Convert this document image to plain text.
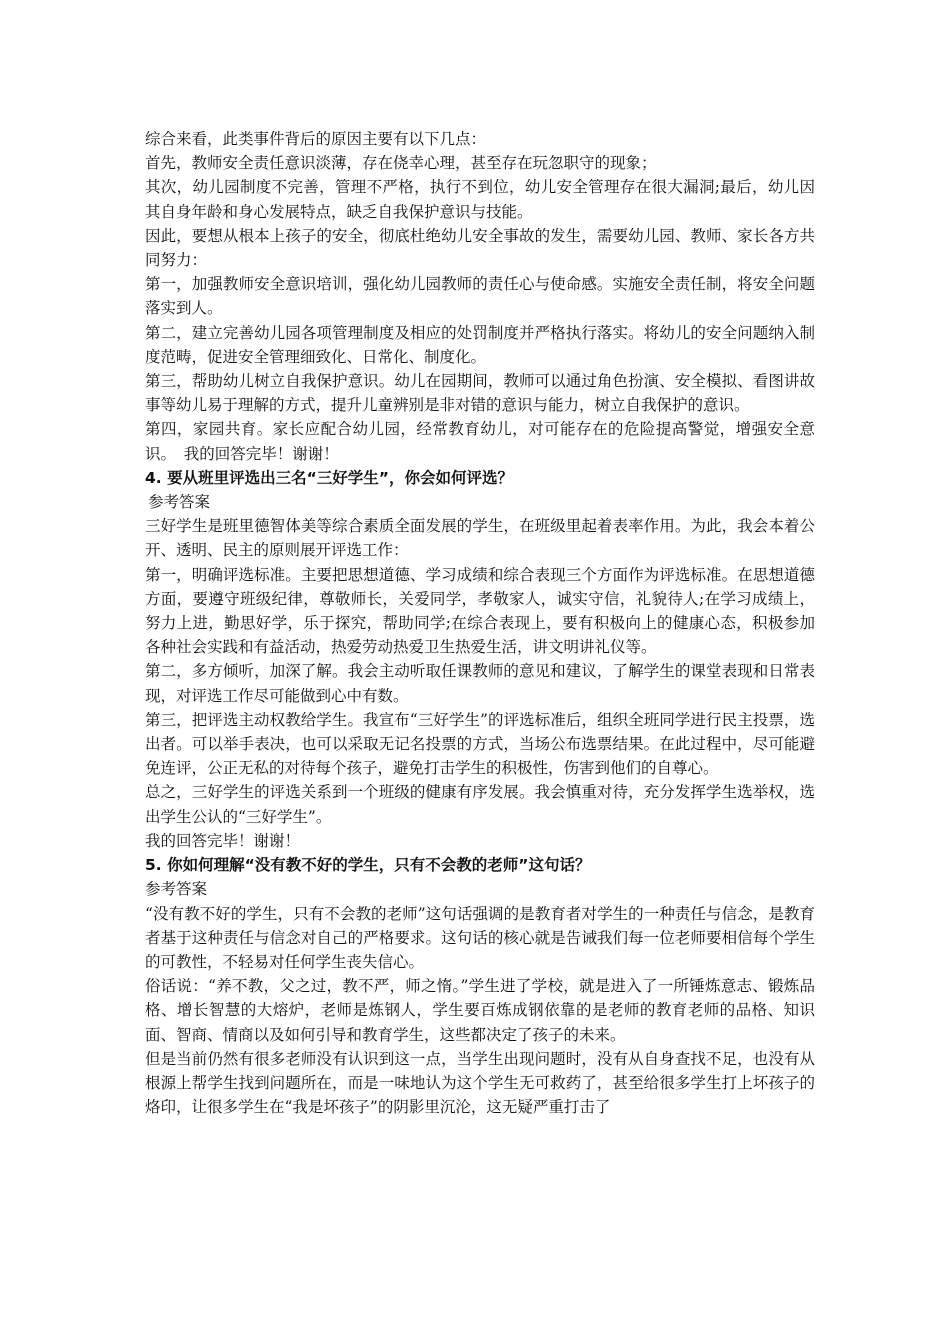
综合来看，此类事件背后的原因主要有以下几点：

首先，教师安全责任意识淡薄，存在侥幸心理，甚至存在玩忽职守的现象；

其次，幼儿园制度不完善，管理不严格，执行不到位，幼儿安全管理存在很大漏洞;最后，幼儿因其自身年龄和身心发展特点，缺乏自我保护意识与技能。

因此，要想从根本上孩子的安全，彻底杜绝幼儿安全事故的发生，需要幼儿园、教师、家长各方共同努力：

第一，加强教师安全意识培训，强化幼儿园教师的责任心与使命感。实施安全责任制，将安全问题落实到人。

第二，建立完善幼儿园各项管理制度及相应的处罚制度并严格执行落实。将幼儿的安全问题纳入制度范畴，促进安全管理细致化、日常化、制度化。

第三，帮助幼儿树立自我保护意识。幼儿在园期间，教师可以通过角色扮演、安全模拟、看图讲故事等幼儿易于理解的方式，提升儿童辨别是非对错的意识与能力，树立自我保护的意识。

第四，家园共育。家长应配合幼儿园，经常教育幼儿，对可能存在的危险提高警觉，增强安全意识。　我的回答完毕！谢谢！

4. 要从班里评选出三名“三好学生”，你会如何评选？

参考答案

三好学生是班里德智体美等综合素质全面发展的学生，在班级里起着表率作用。为此，我会本着公开、透明、民主的原则展开评选工作：

第一，明确评选标准。主要把思想道德、学习成绩和综合表现三个方面作为评选标准。在思想道德方面，要遵守班级纪律，尊敬师长，关爱同学，孝敬家人，诚实守信，礼貌待人;在学习成绩上，努力上进，勤思好学，乐于探究，帮助同学;在综合表现上，要有积极向上的健康心态，积极参加各种社会实践和有益活动，热爱劳动热爱卫生热爱生活，讲文明讲礼仪等。

第二，多方倾听，加深了解。我会主动听取任课教师的意见和建议，了解学生的课堂表现和日常表现，对评选工作尽可能做到心中有数。

第三，把评选主动权教给学生。我宣布“三好学生”的评选标准后，组织全班同学进行民主投票，选出者。可以举手表决，也可以采取无记名投票的方式，当场公布选票结果。在此过程中，尽可能避免连评，公正无私的对待每个孩子，避免打击学生的积极性，伤害到他们的自尊心。

总之，三好学生的评选关系到一个班级的健康有序发展。我会慎重对待，充分发挥学生选举权，选出学生公认的“三好学生”。

我的回答完毕！谢谢！

5. 你如何理解“没有教不好的学生，只有不会教的老师”这句话？

参考答案

“没有教不好的学生，只有不会教的老师”这句话强调的是教育者对学生的一种责任与信念，是教育者基于这种责任与信念对自己的严格要求。这句话的核心就是告诫我们每一位老师要相信每个学生的可教性，不轻易对任何学生丧失信心。

俗话说：“养不教，父之过，教不严，师之惰。”学生进了学校，就是进入了一所锤炼意志、锻炼品格、增长智慧的大熔炉，老师是炼钢人，学生要百炼成钢依靠的是老师的教育老师的品格、知识面、智商、情商以及如何引导和教育学生，这些都决定了孩子的未来。

但是当前仍然有很多老师没有认识到这一点，当学生出现问题时，没有从自身查找不足，也没有从根源上帮学生找到问题所在，而是一味地认为这个学生无可救药了，甚至给很多学生打上坏孩子的烙印，让很多学生在“我是坏孩子”的阴影里沉沦，这无疑严重打击了
